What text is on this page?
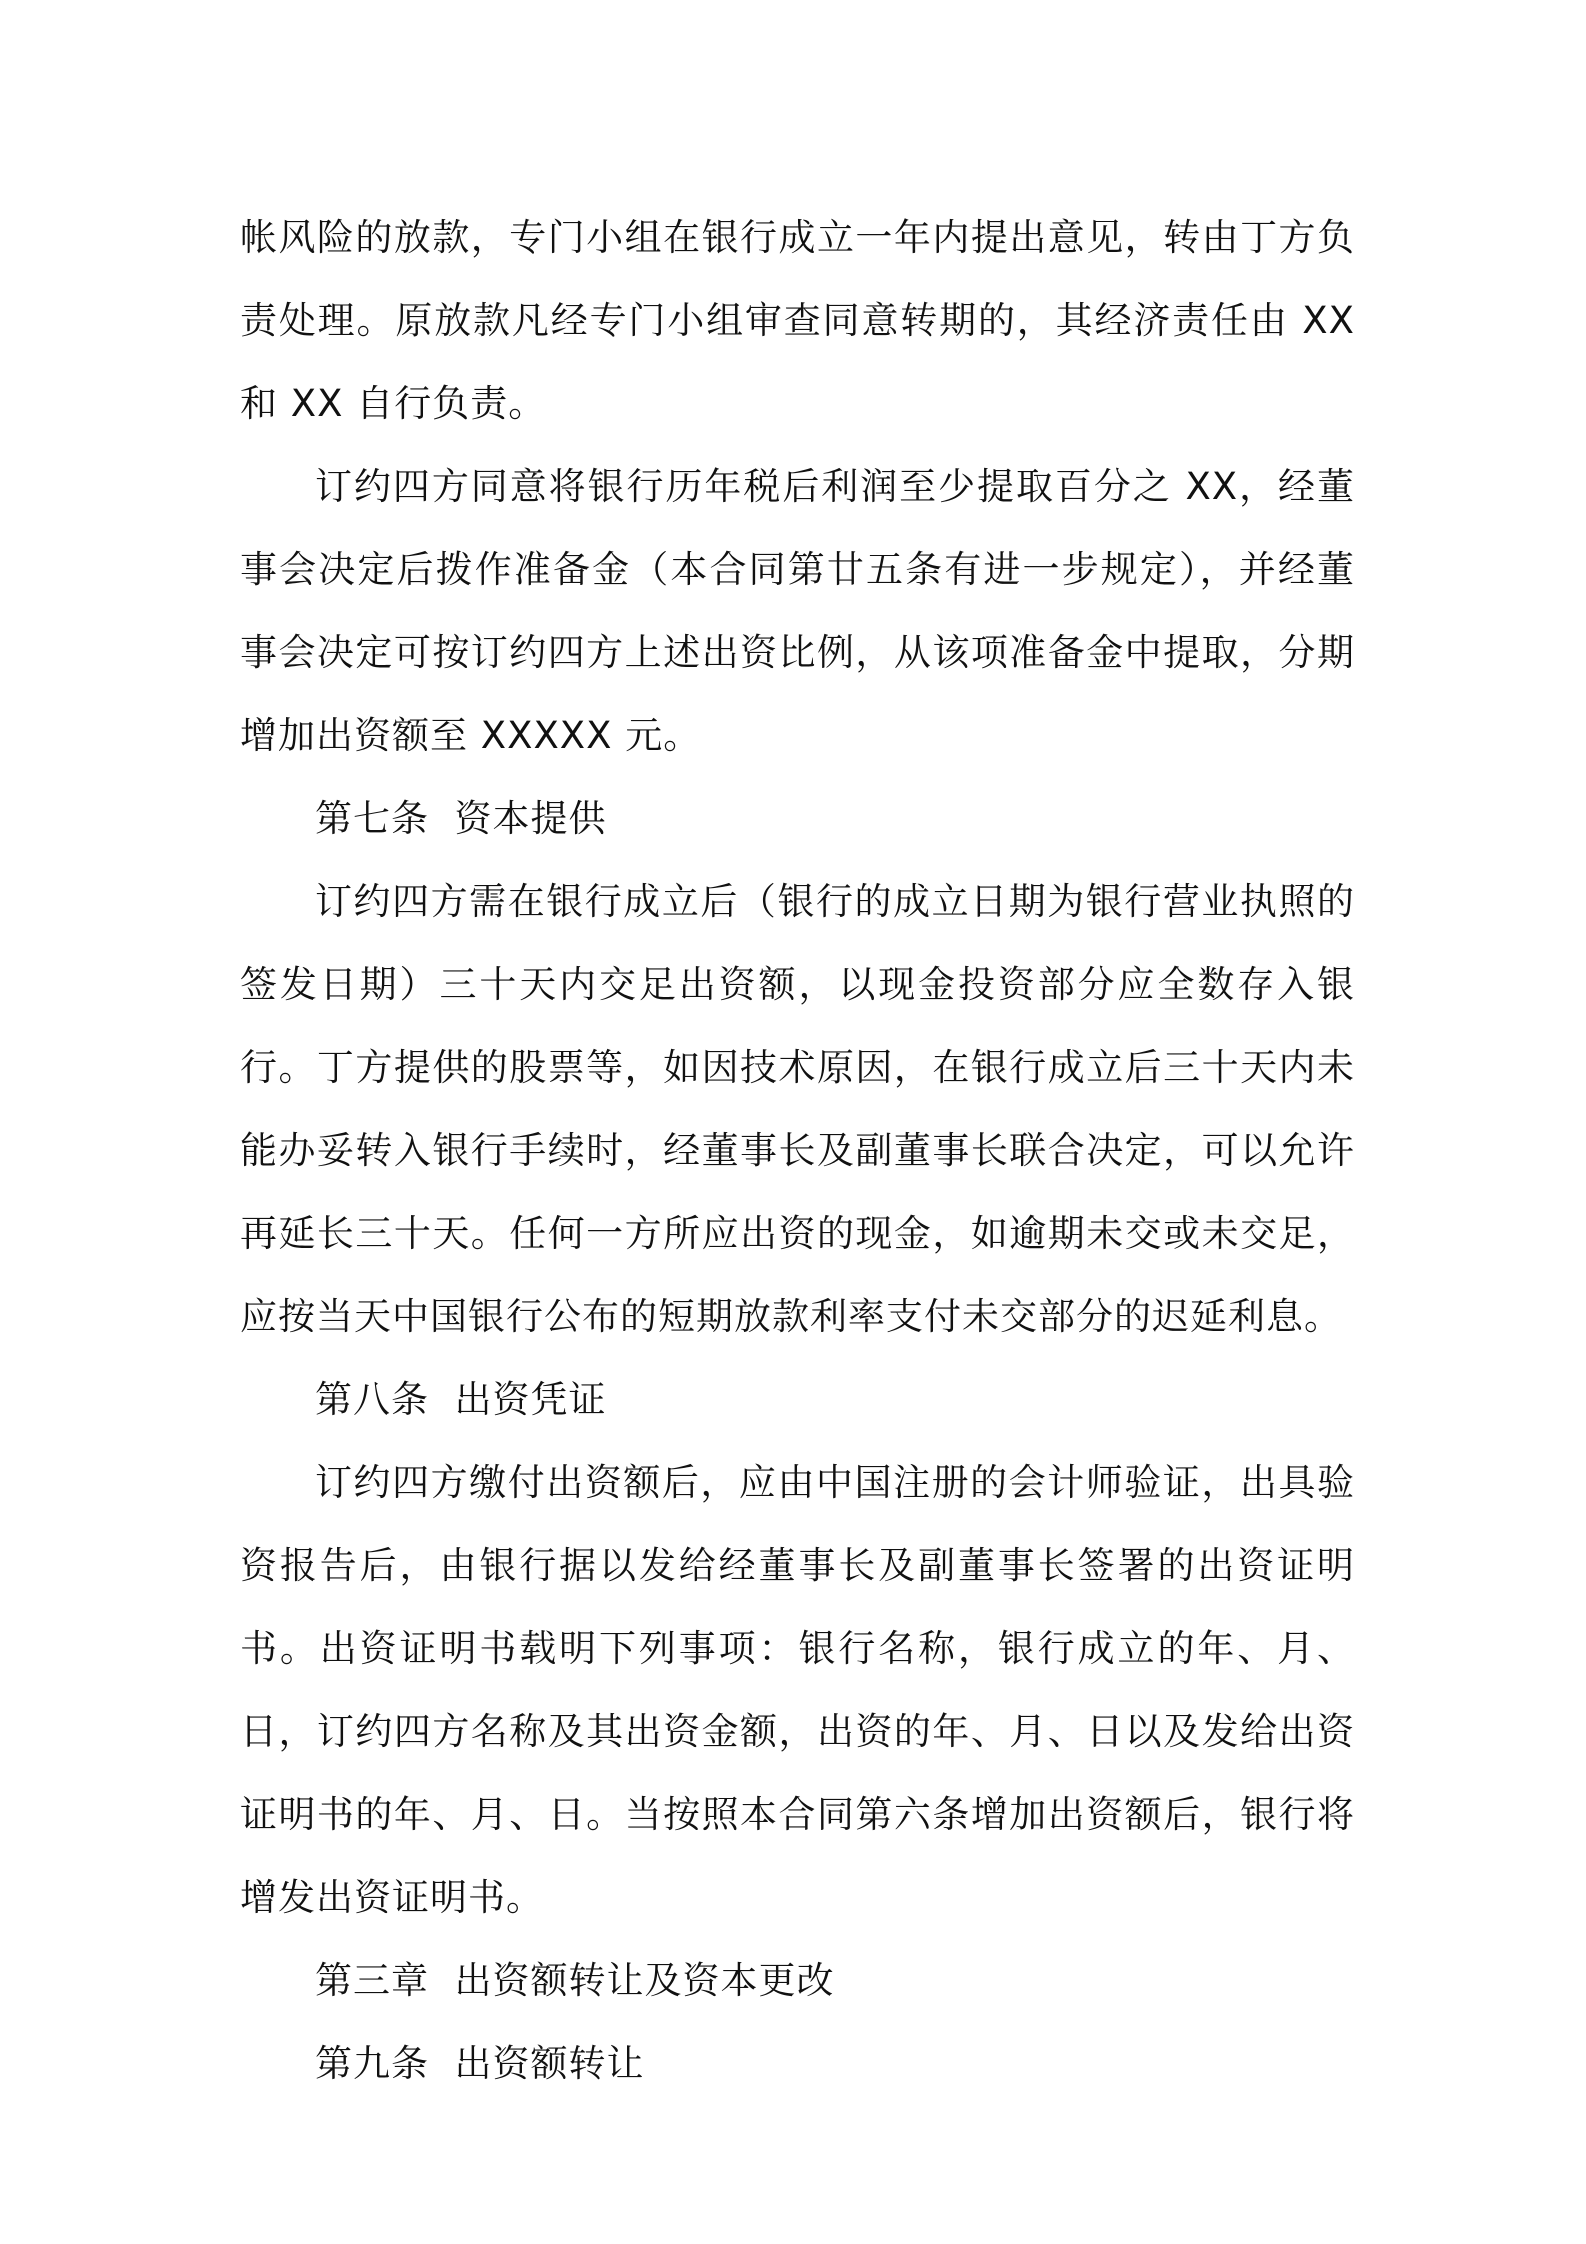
帐风险的放款，专门小组在银行成立一年内提出意见，转由丁方负责处理。原放款凡经专门小组审查同意转期的，其经济责任由 XX 和 XX 自行负责。

订约四方同意将银行历年税后利润至少提取百分之 XX，经董事会决定后拨作准备金（本合同第廿五条有进一步规定），并经董事会决定可按订约四方上述出资比例，从该项准备金中提取，分期增加出资额至 XXXXX 元。

第七条  资本提供

订约四方需在银行成立后（银行的成立日期为银行营业执照的签发日期）三十天内交足出资额，以现金投资部分应全数存入银行。丁方提供的股票等，如因技术原因，在银行成立后三十天内未能办妥转入银行手续时，经董事长及副董事长联合决定，可以允许再延长三十天。任何一方所应出资的现金，如逾期未交或未交足，应按当天中国银行公布的短期放款利率支付未交部分的迟延利息。

第八条  出资凭证

订约四方缴付出资额后，应由中国注册的会计师验证，出具验资报告后，由银行据以发给经董事长及副董事长签署的出资证明书。出资证明书载明下列事项：银行名称，银行成立的年、月、日，订约四方名称及其出资金额，出资的年、月、日以及发给出资证明书的年、月、日。当按照本合同第六条增加出资额后，银行将增发出资证明书。

第三章  出资额转让及资本更改

第九条  出资额转让
